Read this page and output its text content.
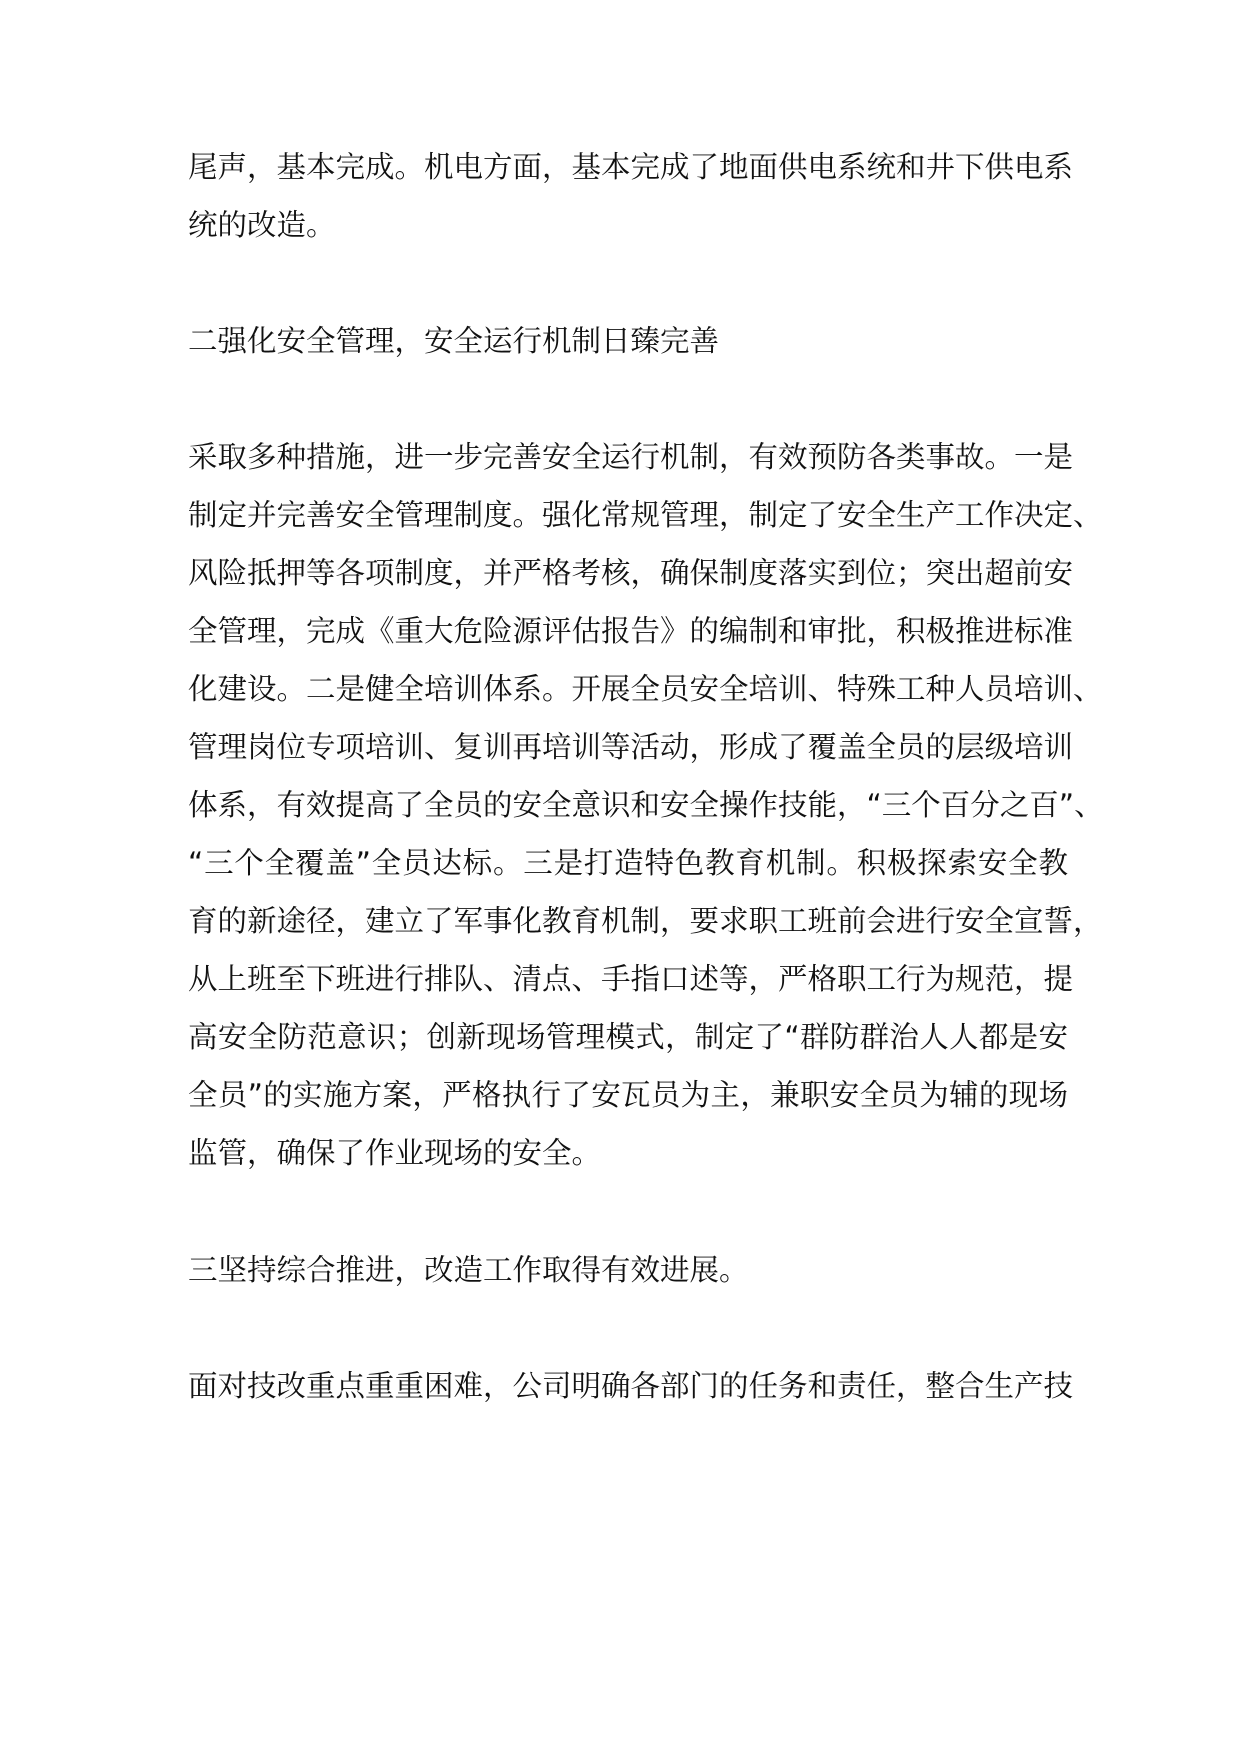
尾声，基本完成。机电方面，基本完成了地面供电系统和井下供电系
统的改造。
二强化安全管理，安全运行机制日臻完善
采取多种措施，进一步完善安全运行机制，有效预防各类事故。一是
制定并完善安全管理制度。强化常规管理，制定了安全生产工作决定、
风险抵押等各项制度，并严格考核，确保制度落实到位；突出超前安
全管理，完成《重大危险源评估报告》的编制和审批，积极推进标准
化建设。二是健全培训体系。开展全员安全培训、特殊工种人员培训、
管理岗位专项培训、复训再培训等活动，形成了覆盖全员的层级培训
体系，有效提高了全员的安全意识和安全操作技能，“三个百分之百”、
“三个全覆盖”全员达标。三是打造特色教育机制。积极探索安全教
育的新途径，建立了军事化教育机制，要求职工班前会进行安全宣誓，
从上班至下班进行排队、清点、手指口述等，严格职工行为规范，提
高安全防范意识；创新现场管理模式，制定了“群防群治人人都是安
全员”的实施方案，严格执行了安瓦员为主，兼职安全员为辅的现场
监管，确保了作业现场的安全。
三坚持综合推进，改造工作取得有效进展。
面对技改重点重重困难，公司明确各部门的任务和责任，整合生产技
